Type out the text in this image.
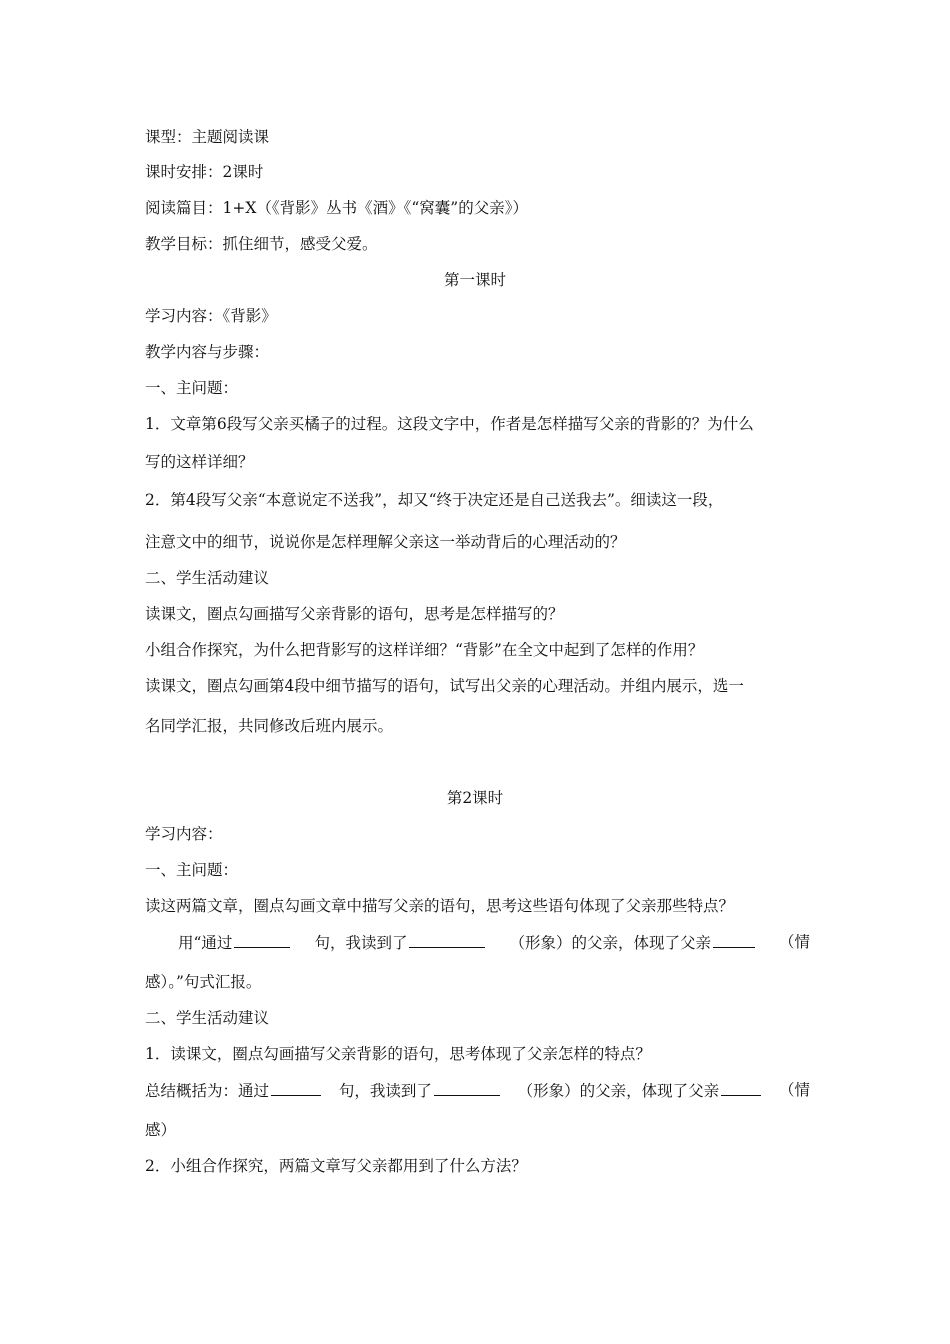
课型：主题阅读课
课时安排：2课时
阅读篇目：1+X（《背影》丛书《酒》《“窝囊”的父亲》）
教学目标：抓住细节，感受父爱。
第一课时
学习内容：《背影》
教学内容与步骤：
一、主问题：
1．文章第6段写父亲买橘子的过程。这段文字中，作者是怎样描写父亲的背影的？为什么
写的这样详细？
2．第4段写父亲“本意说定不送我”，却又“终于决定还是自己送我去”。细读这一段，
注意文中的细节，说说你是怎样理解父亲这一举动背后的心理活动的？
二、学生活动建议
读课文，圈点勾画描写父亲背影的语句，思考是怎样描写的？
小组合作探究，为什么把背影写的这样详细？“背影”在全文中起到了怎样的作用？
读课文，圈点勾画第4段中细节描写的语句，试写出父亲的心理活动。并组内展示，选一
名同学汇报，共同修改后班内展示。
第2课时
学习内容：
一、主问题：
读这两篇文章，圈点勾画文章中描写父亲的语句，思考这些语句体现了父亲那些特点？
用“通过	句，我读到了	（形象）的父亲，体现了父亲	（情
感）。”句式汇报。
二、学生活动建议
1．读课文，圈点勾画描写父亲背影的语句，思考体现了父亲怎样的特点？
总结概括为：通过	句，我读到了	（形象）的父亲，体现了父亲	（情
感）
2．小组合作探究，两篇文章写父亲都用到了什么方法？
